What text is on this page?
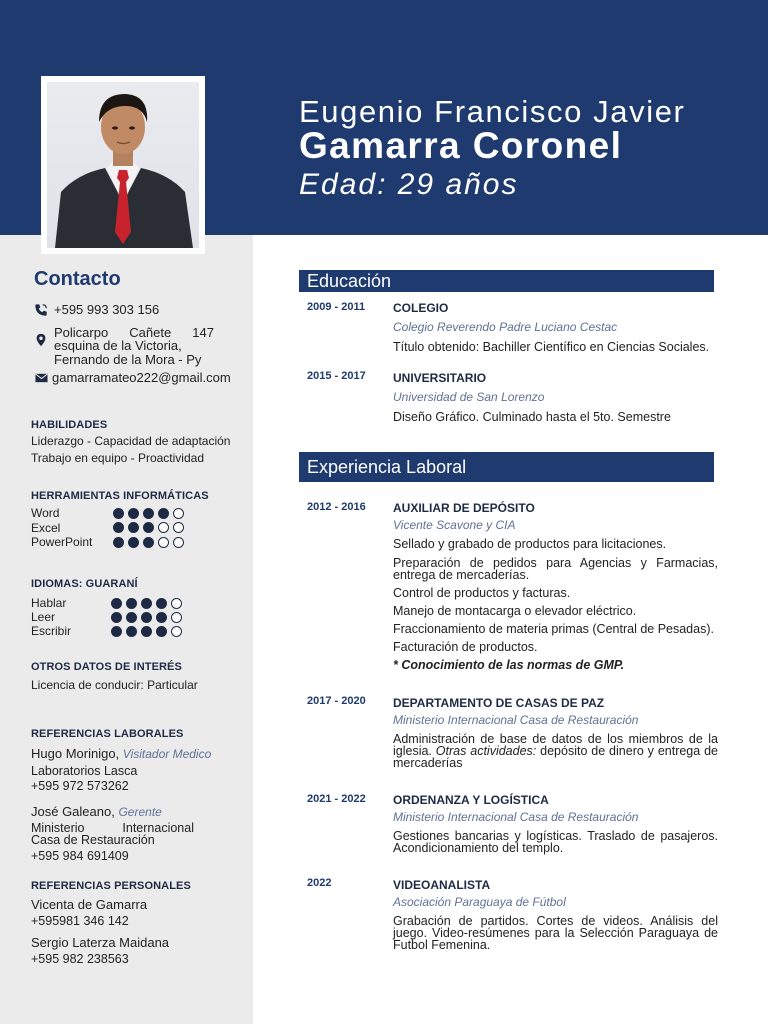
Eugenio Francisco Javier
Gamarra Coronel
Edad: 29 años
Contacto
+595 993 303 156
Policarpo Cañete 147 esquina de la Victoria,
Fernando de la Mora - Py
gamarramateo222@gmail.com
HABILIDADES
Liderazgo - Capacidad de adaptación
Trabajo en equipo - Proactividad
HERRAMIENTAS INFORMÁTICAS
Word
Excel
PowerPoint
IDIOMAS: GUARANÍ
Hablar
Leer
Escribir
OTROS DATOS DE INTERÉS
Licencia de conducir: Particular
REFERENCIAS LABORALES
Hugo Morinigo, Visitador Medico
Laboratorios Lasca
+595 972 573262
José Galeano, Gerente
Ministerio Internacional
Casa de Restauración
+595 984 691409
REFERENCIAS PERSONALES
Vicenta de Gamarra
+595981 346 142
Sergio Laterza Maidana
+595 982 238563
Educación
2009 - 2011 COLEGIO
Colegio Reverendo Padre Luciano Cestac
Título obtenido: Bachiller Científico en Ciencias Sociales.
2015 - 2017 UNIVERSITARIO
Universidad de San Lorenzo
Diseño Gráfico. Culminado hasta el 5to. Semestre
Experiencia Laboral
2012 - 2016 AUXILIAR DE DEPÓSITO
Vicente Scavone y CIA
Sellado y grabado de productos para licitaciones.
Preparación de pedidos para Agencias y Farmacias, entrega de mercaderías.
Control de productos y facturas.
Manejo de montacarga o elevador eléctrico.
Fraccionamiento de materia primas (Central de Pesadas).
Facturación de productos.
* Conocimiento de las normas de GMP.
2017 - 2020 DEPARTAMENTO DE CASAS DE PAZ
Ministerio Internacional Casa de Restauración
Administración de base de datos de los miembros de la iglesia. Otras actividades: depósito de dinero y entrega de mercaderías
2021 - 2022 ORDENANZA Y LOGÍSTICA
Ministerio Internacional Casa de Restauración
Gestiones bancarias y logísticas. Traslado de pasajeros. Acondicionamiento del templo.
2022	VIDEOANALISTA
Asociación Paraguaya de Fútbol
Grabación de partidos. Cortes de videos. Análisis del juego. Video-resúmenes para la Selección Paraguaya de Futbol Femenina.
